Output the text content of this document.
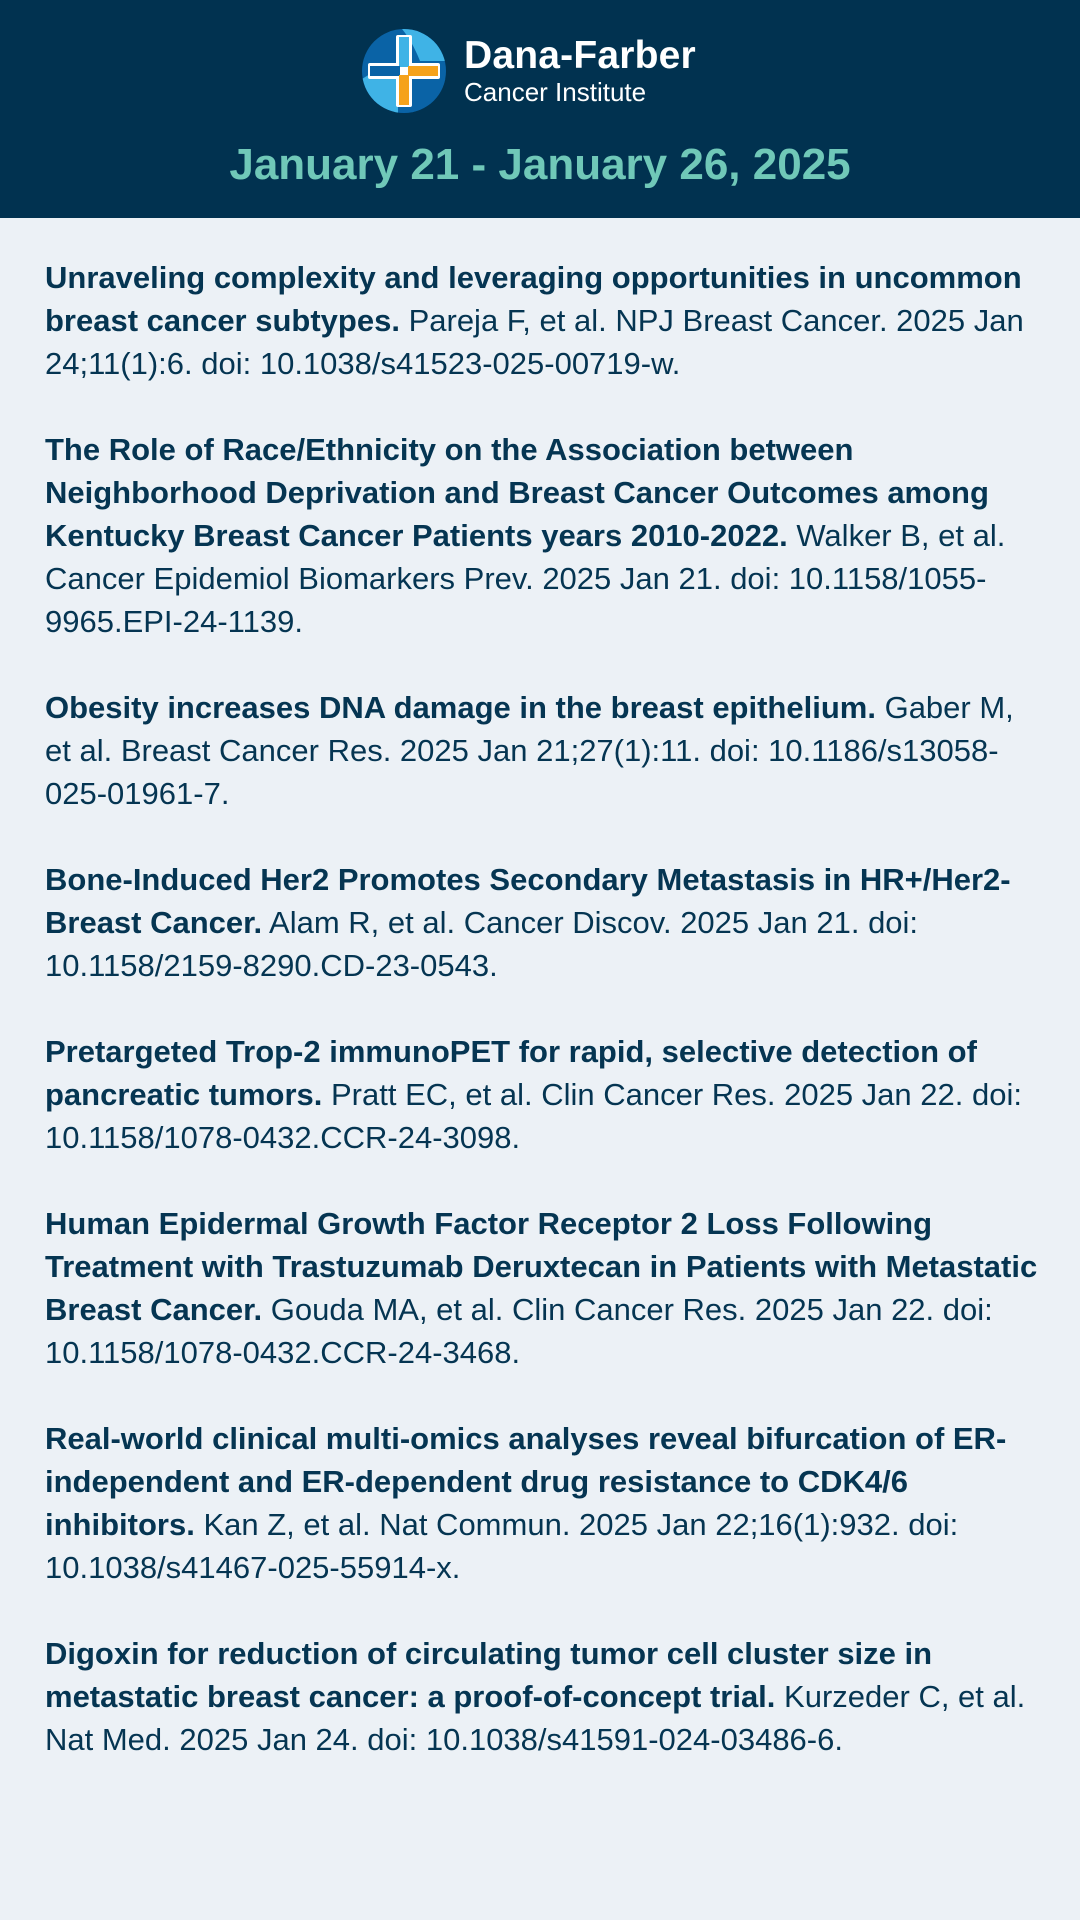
Dana-Farber
Cancer Institute
January 21 - January 26, 2025

Unraveling complexity and leveraging opportunities in uncommon breast cancer subtypes. Pareja F, et al. NPJ Breast Cancer. 2025 Jan 24;11(1):6. doi: 10.1038/s41523-025-00719-w.

The Role of Race/Ethnicity on the Association between Neighborhood Deprivation and Breast Cancer Outcomes among Kentucky Breast Cancer Patients years 2010-2022. Walker B, et al. Cancer Epidemiol Biomarkers Prev. 2025 Jan 21. doi: 10.1158/1055-9965.EPI-24-1139.

Obesity increases DNA damage in the breast epithelium. Gaber M, et al. Breast Cancer Res. 2025 Jan 21;27(1):11. doi: 10.1186/s13058-025-01961-7.

Bone-Induced Her2 Promotes Secondary Metastasis in HR+/Her2- Breast Cancer. Alam R, et al. Cancer Discov. 2025 Jan 21. doi: 10.1158/2159-8290.CD-23-0543.

Pretargeted Trop-2 immunoPET for rapid, selective detection of pancreatic tumors. Pratt EC, et al. Clin Cancer Res. 2025 Jan 22. doi: 10.1158/1078-0432.CCR-24-3098.

Human Epidermal Growth Factor Receptor 2 Loss Following Treatment with Trastuzumab Deruxtecan in Patients with Metastatic Breast Cancer. Gouda MA, et al. Clin Cancer Res. 2025 Jan 22. doi: 10.1158/1078-0432.CCR-24-3468.

Real-world clinical multi-omics analyses reveal bifurcation of ER-independent and ER-dependent drug resistance to CDK4/6 inhibitors. Kan Z, et al. Nat Commun. 2025 Jan 22;16(1):932. doi: 10.1038/s41467-025-55914-x.

Digoxin for reduction of circulating tumor cell cluster size in metastatic breast cancer: a proof-of-concept trial. Kurzeder C, et al. Nat Med. 2025 Jan 24. doi: 10.1038/s41591-024-03486-6.
